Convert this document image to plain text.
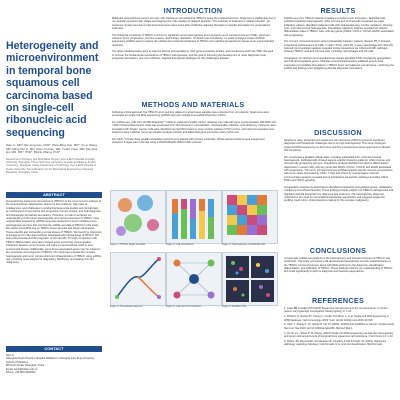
Heterogeneity and microenvironment in temporal bone squamous cell carcinoma based on single-cell ribonucleic acid sequencing
Wen Li, MD*; Bei-Ling Cao, PhD*; Zhou-Bing Xue, MD*; Xu-Li Wang, MD; Ming-Yan Li, MD; Zhen-Yu Gao, MD; Yi-Rui Chen, MD; Mei-Hua Hu, MD, MS*; PhD*; Binbin Zhang, PhD*
Department of Otology and Skull Base Surgery, Eye & ENT Hospital of Fudan University, Shanghai, China; NHC Key Laboratory of Hearing Medicine (Fudan University), Shanghai, China; Department of Pathology, Eye & ENT Hospital of Fudan University; Key Laboratory for the Biomedical Engineering of Hearing Research, Shanghai, China
ABSTRACT
Temporal bone squamous cell carcinoma (TBSCC) is the most common subtype of the temporal bone malignancies. Due to its low incidence, high rates of misdiagnosis, and challenges in conducting large-scale studies and clinical trials, its mechanisms of occurrence and progression remain unclear, and both diagnosis and therapeutic biomarkers are lacking. Therefore, in order to enhance our understanding of the tumor heterogeneity and microenvironment of TBSCC, have surgical RNA sequencing (scRNA-seq) was conducted in tumor including tumor heterogeneity we have first reported the scRNA-seq data of TBSCC in this study. We performed scRNA-seq on TBSCC tissue samples and single cell analysis. Tissue-specific and surrounding normal tissues of TBSCC. We found the proportion of lineage tumor cells was positively associated with clinical stage of TBSCC. We found the potential and the proportion of normal cells. Through comparison with TBSCC differentiation were also involved tumor-promoting communication interaction between some immune cell types in normal tissues. Most in post-environment tissues. Additionally, some tumor-associated genes may be related to the recurrence and prognosis of TBSCC. Our study has revealed the complex heterogeneity and tumor microenvironment characteristics of TBSCC using scRNA-seq, providing novel insights for diagnosing, identifying, and treating this rare malignancy.
CONTACT
Wen Li
Shanghai South People's Hospital Affiliated to Shanghai Jiao Tong University School of Medicine
88 Fenlin Road, Shanghai, China
Email: wenli@fudan.edu.cn
Phone: +86 000-0000000
INTRODUCTION
Malignant temporal bone tumors are rare, with squamous cell carcinoma (TBSCC) being the predominant form. Diagnosis is challenging due to non-specific symptoms like otalgia and hearing loss, often leading to delayed detection. The mainstay of treatment is radical resection, yet outcomes remain poor due to high local recurrence rates and a lack of effective adjuvant therapies or specific biomarkers for personalized treatment.

The biological complexity of TBSCC is driven by significant tumor heterogeneity and a dynamic tumor microenvironment (TME), which are critical in tumor progression, immune evasion, and therapy resistance. To dissect this complexity, our study employed single-cell RNA sequencing (scRNA-seq) to analyze the cellular and molecular landscape of TBSCC and matched precancerous tissues at an unprecedented resolution.

The deep characterization aims to map the diverse cell populations, their gene expression profiles, and interactions within the TME. We seek to uncover the fundamental mechanisms of TBSCC pathogenesis, with the goal of informing the development of novel diagnostic tools, prognostic biomarkers, and more effective, targeted therapeutic strategies for this challenging disease.
METHODS AND MATERIALS
Following ethical approval, five TBSCC tumor and four adjacent normal tissue samples were collected from six patients. Specimens were processed for single-cell RNA sequencing (scRNA-seq) and multiple immunohistochemistry (mIHC).

For scRNA-seq, cells from the BD Rhapsody™ platform underwent quality control, retaining only cells with gene counts between 200-5000 and <20% mitochondrial content. Data was processed in R, with focuses on normalization, dimensionality reduction, and clustering. Cell types were annotated with Singler. Cancer cells were identified via inferCNV based on copy number variation (CNV) scores. Cell-cell communication was analyzed using CellChat. Gene set variation analysis (GSVA) and differential gene expression were performed.

For mIHC, formalin-fixed paraffin-embedded sections were stained with primary antibodies. Whole-stained sections were imaged and analyzed. Images were scanned using a PANNORAMIC MIDI III slide scanner.
Figure 1. TBSCC single-cell atlas	Figure 2. Cell composition	Figure 3. Heterogeneity of epithelial cells
Figure 4. Pseudotime trajectory	Figure 5. Cell-cell communication	Figure 6. Multiplex IHC
RESULTS
ScRNA-seq of six TBSCC patients revealed a complex tumor ecosystem. Epithelial cells exhibited significant heterogeneity, while immune and stromal cells comprised six major infiltrative subsets. Identified malignant cells with widespread copy number variations, showing inter- and intra-tumoral heterogeneity. Pseudotime trajectory analysis revealed two distinct differentiation fates in TBSCC cells, with key genes (KRAS, CXCL1, CXCL8, EGFR) associated with progression.

The immune microenvironment varied substantially between patients. Sample P5_C showed exceptional predominance of CD8+ T cells (>70%), while P5_C was macrophage-rich (30.11%). Cell-cell communication analysis revealed strong interactions via CDH1 and MIF pathways between TBSCC cells and immune cells, including macrophages and NK cells.

Comparison of matched tumor-precancerous tissues identified 1200 consistently upregulated and 416 downregulated genes. Multiplex immunohistochemistry validated protein-level expression of candidate biomarkers in TBSCC tumor and adjacent normal tissue, confirming the scRNA-seq findings and highlighting potential diagnostic biomarkers.
DISCUSSION
Despite its rarity, temporal bone squamous cell carcinoma (TBSCC) presents significant diagnostic and therapeutic challenges due to its high heterogeneity. This study employed single-cell RNA sequencing on five tumor and four precancerous tissue specimens to dissect this complexity.

We constructed a detailed cellular atlas, revealing substantial inter- and intra-tumoral heterogeneity. Epithelial cells showed sample-specific clustering patterns, while immune and stromal cells grouped by cell type. Pseudotime analysis identified two distinct differentiation trajectories in cancer cells, with key genes like KRAS, CXCL1, CXCL8, and EGFR associated with progression. The tumor microenvironment exhibited patient-specific immune compositions, with some cases dominated by CD8+ T cells and others by macrophages. Cell-cell communication analysis revealed strong interactions via specific pathways including CDH1, FPR1 and TGF-β signaling.

Comparative analysis of paired tissues identified consistently dysregulated genes, validated by multiplex immunohistochemistry. These findings provide insights into TBSCC pathogenesis and highlight potential biomarkers for diagnosis and treatment. The heterogeneity observed underscores the need for personalized therapeutic approaches and suggests single-cell profiling could inform clinical decision-making for this complex malignancy.
CONCLUSIONS
A systematic scRNA-seq analysis of the heterogeneity and microenvironment of TBSCC was conducted. This study uncovered multi-dimensional heterogeneity and the characterization of the TBSCC microenvironment, along with DEG pertinent to the diagnosis, classification, differentiation, and infiltration of TBSCC. These findings enhance our understanding of TBSCC and could significantly impact its diagnosis and treatment approaches.
REFERENCES
1. Lavin BB & Gidley PW (2023) Squamous cell carcinoma of the temporal bone: A current review. Laryngoscope Investigative Otolaryngology 8: 1-10.
2. Pitchers G, Sooby ST, Chong C, Crelier A & Minor L, et al. Single-cell RNA sequencing in 2008 database. Nat Immunology 2023: 5-12. doi:10.1016/j.cmet.2019.10.015
3. Chen Y, Zhang A, LZ, Wang M, Xie TX (2023). ScRNA and scMRNA-to-Cancer. Nucleic Acids Res Curr Nat 2023. doi:10.1093/nar/gkw001. Biomed Res 1.
4. Ou W, Li L, Shuai P, W, Zhang, (2023) Single-cell RNA sequencing reveals the heterogeneity and tumor microenvironment of temporal bone squamous cell carcinoma. Front Oncol 13: 1-10.
5. Stuber JM, Reeves EK, Sundaresan IE, Kingsley-P HR & Freels XX (2019). Reference pathology regarding cell-deep; bioinformatic to to, and cell classification. Bioinformatic.
